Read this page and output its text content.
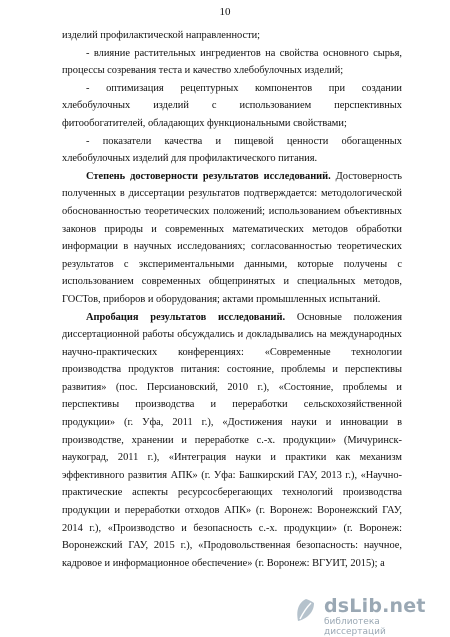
10

изделий профилактической направленности;

- влияние растительных ингредиентов на свойства основного сырья, процессы созревания теста и качество хлебобулочных изделий;

- оптимизация рецептурных компонентов при создании хлебобулочных изделий с использованием перспективных фитообогатителей, обладающих функциональными свойствами;

- показатели качества и пищевой ценности обогащенных хлебобулочных изделий для профилактического питания.

Степень достоверности результатов исследований. Достоверность полученных в диссертации результатов подтверждается: методологической обоснованностью теоретических положений; использованием объективных законов природы и современных математических методов обработки информации в научных исследованиях; согласованностью теоретических результатов с экспериментальными данными, которые получены с использованием современных общепринятых и специальных методов, ГОСТов, приборов и оборудования; актами промышленных испытаний.

Апробация результатов исследований. Основные положения диссертационной работы обсуждались и докладывались на международных научно-практических конференциях: «Современные технологии производства продуктов питания: состояние, проблемы и перспективы развития» (пос. Персиановский, 2010 г.), «Состояние, проблемы и перспективы производства и переработки сельскохозяйственной продукции» (г. Уфа, 2011 г.), «Достижения науки и инновации в производстве, хранении и переработке с.-х. продукции» (Мичуринск-наукоград, 2011 г.), «Интеграция науки и практики как механизм эффективного развития АПК» (г. Уфа: Башкирский ГАУ, 2013 г.), «Научно-практические аспекты ресурсосберегающих технологий производства продукции и переработки отходов АПК» (г. Воронеж: Воронежский ГАУ, 2014 г.), «Производство и безопасность с.-х. продукции» (г. Воронеж: Воронежский ГАУ, 2015 г.), «Продовольственная безопасность: научное, кадровое и информационное обеспечение» (г. Воронеж: ВГУИТ, 2015); а

dsLib.net
библиотека диссертаций
